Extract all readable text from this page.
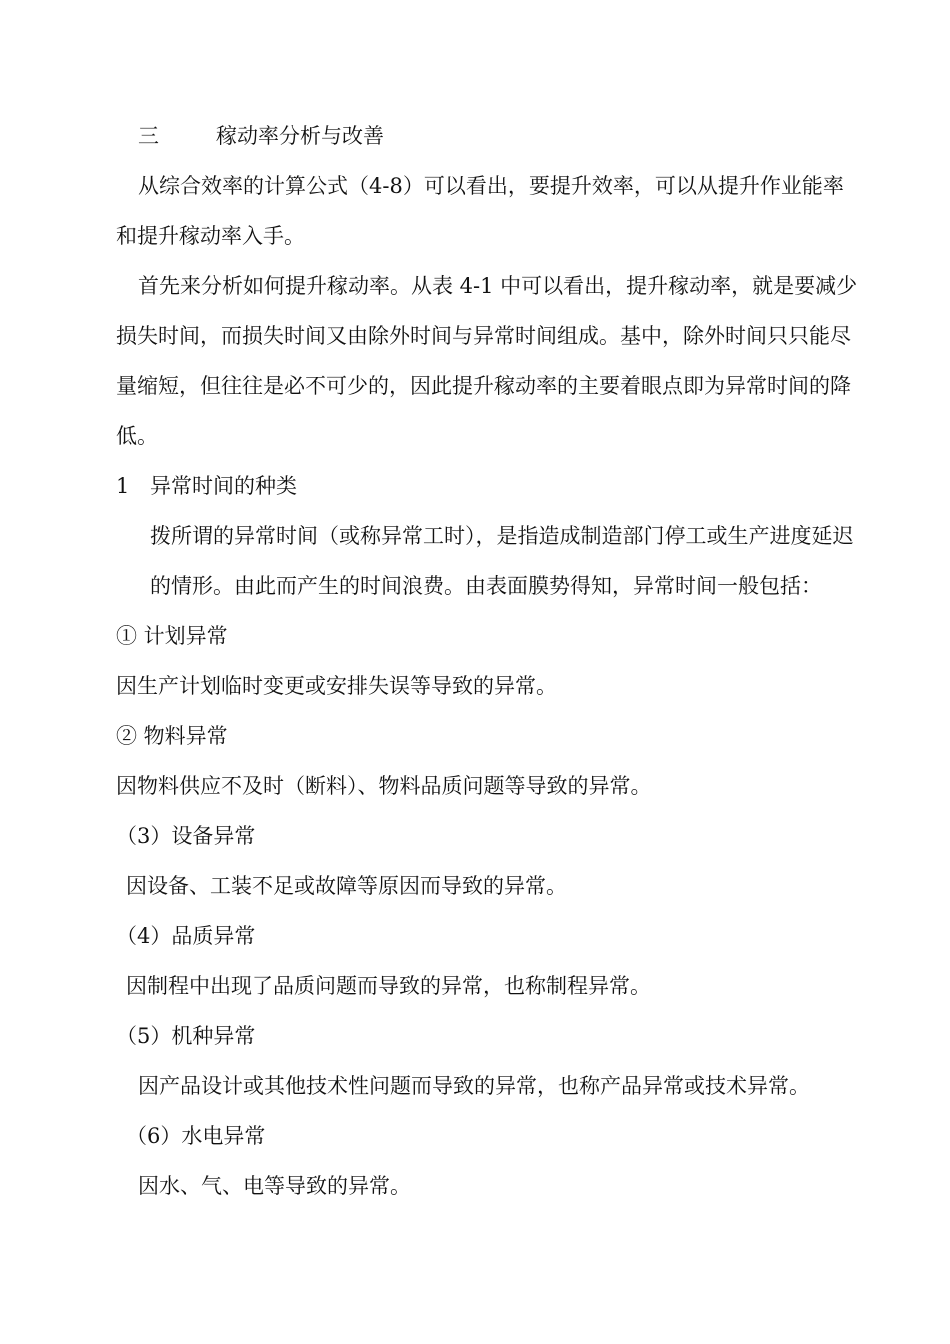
三	稼动率分析与改善
从综合效率的计算公式（4-8）可以看出，要提升效率，可以从提升作业能率
和提升稼动率入手。
首先来分析如何提升稼动率。从表 4-1 中可以看出，提升稼动率，就是要减少
损失时间，而损失时间又由除外时间与异常时间组成。基中，除外时间只只能尽
量缩短，但往往是必不可少的，因此提升稼动率的主要着眼点即为异常时间的降
低。
1 异常时间的种类
拨所谓的异常时间（或称异常工时），是指造成制造部门停工或生产进度延迟
的情形。由此而产生的时间浪费。由表面膜势得知，异常时间一般包括：
① 计划异常
因生产计划临时变更或安排失误等导致的异常。
② 物料异常
因物料供应不及时（断料）、物料品质问题等导致的异常。
（3）设备异常
因设备、工装不足或故障等原因而导致的异常。
（4）品质异常
因制程中出现了品质问题而导致的异常，也称制程异常。
（5）机种异常
因产品设计或其他技术性问题而导致的异常，也称产品异常或技术异常。
（6）水电异常
因水、气、电等导致的异常。
